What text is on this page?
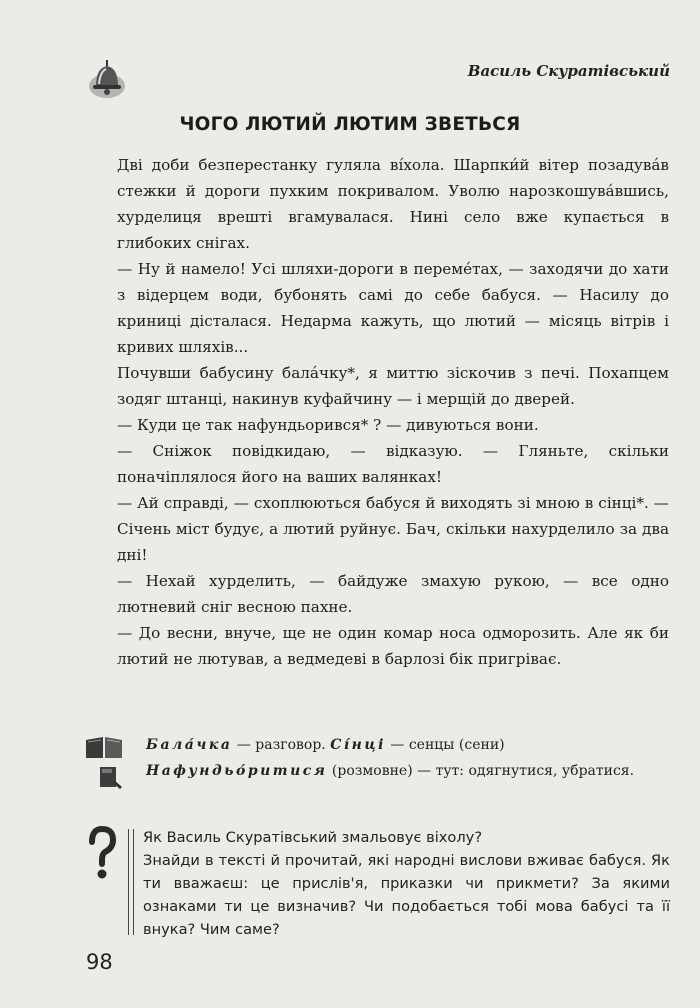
Василь Скуратівський
ЧОГО ЛЮТИЙ ЛЮТИМ ЗВЕТЬСЯ

Дві доби безперестанку гуляла ві́хола. Шарпки́й вітер позадува́в стежки й дороги пухким покривалом. Уволю нарозкошува́вшись, хурделиця врешті вгамувалася. Нині село вже купається в глибоких снігах.

— Ну й намело! Усі шляхи-дороги в переме́тах, — заходячи до хати з відерцем води, бубонять самі до себе бабуся. — Насилу до криниці дісталася. Недарма кажуть, що лютий — місяць вітрів і кривих шляхів...

Почувши бабусину бала́чку*, я миттю зіскочив з печі. Похапцем зодяг штанці, накинув куфайчину — і мерщій до дверей.

— Куди це так нафундьорився* ? — дивуються вони.

— Сніжок повідкидаю, — відказую. — Гляньте, скільки поначіплялося його на ваших валянках!

— Ай справді, — схоплюються бабуся й виходять зі мною в сінці*. — Січень міст будує, а лютий руйнує. Бач, скільки нахурделило за два дні!

— Нехай хурделить, — байдуже змахую рукою, — все одно лютневий сніг весною пахне.

— До весни, внуче, ще не один комар носа одморозить. Але як би лютий не лютував, а ведмедеві в барлозі бік пригріває.

Бала́чка — разговор. Сі́нці — сенцы (сени)

Нафундьо́ритися (розмовне) — тут: одягнутися, убратися.

Як Василь Скуратівський змальовує віхолу?

Знайди в тексті й прочитай, які народні вислови вживає бабуся. Як ти вважаєш: це прислів'я, приказки чи прикмети? За якими ознаками ти це визначив? Чи подобається тобі мова бабусі та її внука? Чим саме?

98
